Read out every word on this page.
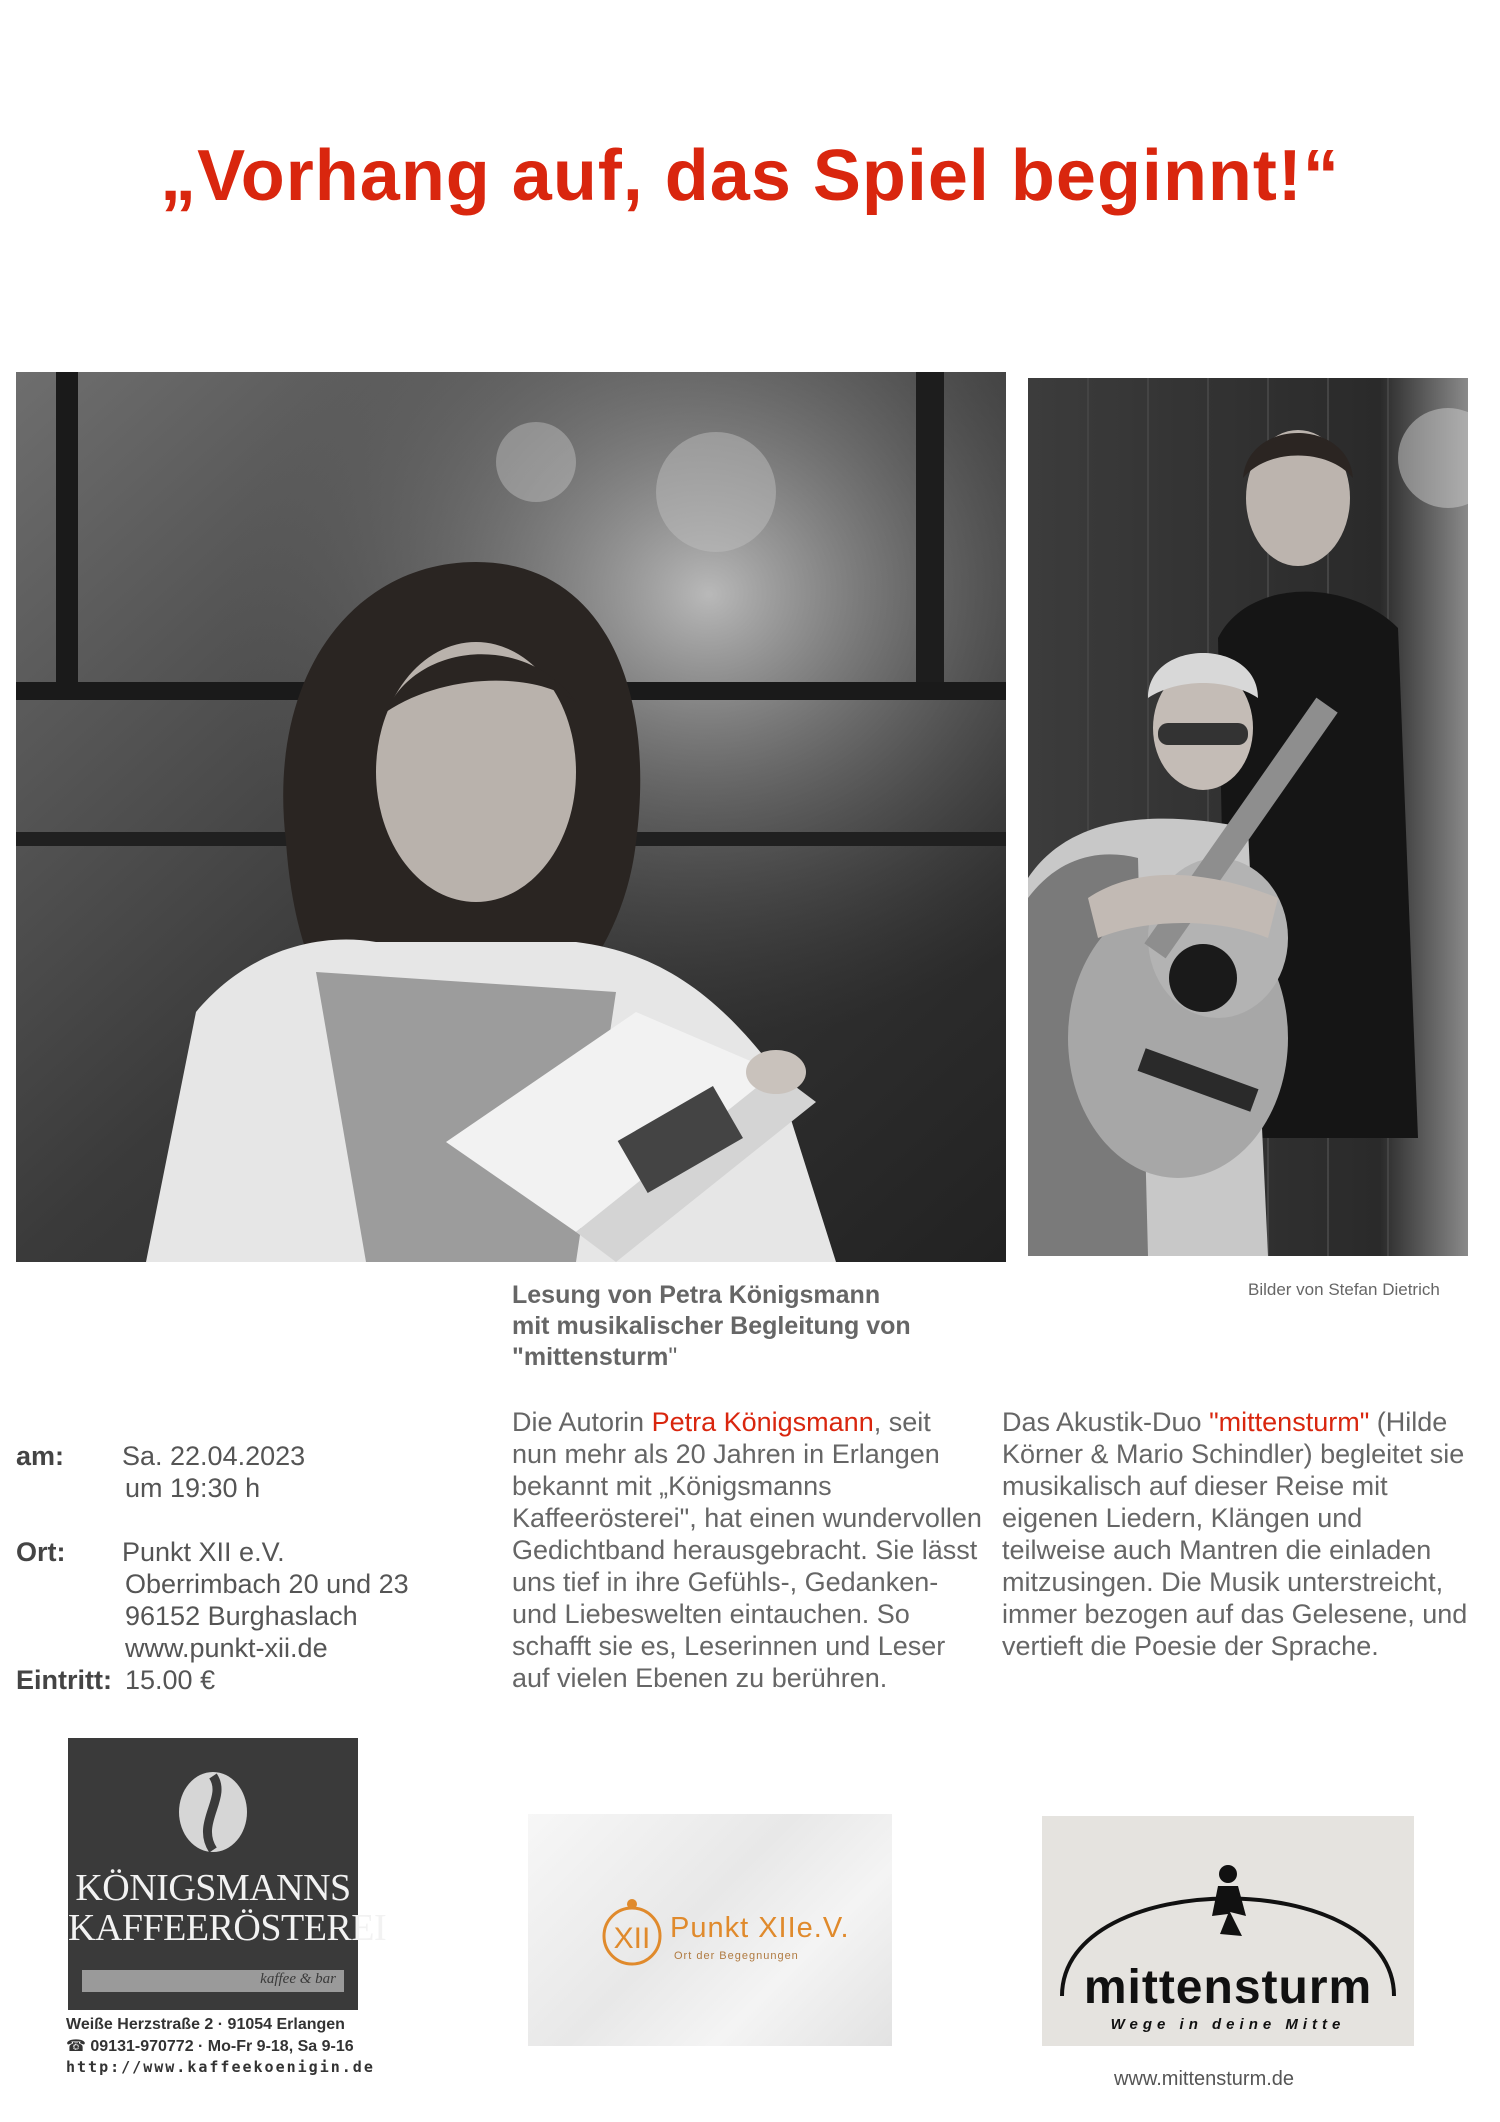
„Vorhang auf, das Spiel beginnt!“
Bilder von Stefan Dietrich
Lesung von Petra Königsmann
mit musikalischer Begleitung von
"mittensturm"
Die Autorin Petra Königsmann, seit nun mehr als 20 Jahren in Erlangen bekannt mit „Königsmanns Kaffeerösterei", hat einen wundervollen Gedichtband herausgebracht. Sie lässt uns tief in ihre Gefühls-, Gedanken- und Liebeswelten eintauchen. So schafft sie es, Leserinnen und Leser auf vielen Ebenen zu berühren.
Das Akustik-Duo "mittensturm" (Hilde Körner & Mario Schindler) begleitet sie musikalisch auf dieser Reise mit eigenen Liedern, Klängen und teilweise auch Mantren die einladen mitzusingen. Die Musik unterstreicht, immer bezogen auf das Gelesene, und vertieft die Poesie der Sprache.
am: Sa. 22.04.2023
um 19:30 h
Ort: Punkt XII e.V.
Oberrimbach 20 und 23
96152 Burghaslach
www.punkt-xii.de
Eintritt: 15.00 €
KÖNIGSMANNS
KAFFEERÖSTEREI
kaffee & bar
Weiße Herzstraße 2 · 91054 Erlangen
☎ 09131-970772 · Mo-Fr 9-18, Sa 9-16
http://www.kaffeekoenigin.de
XII Punkt XIIe.V.
Ort der Begegnungen
mittensturm
Wege in deine Mitte
www.mittensturm.de
